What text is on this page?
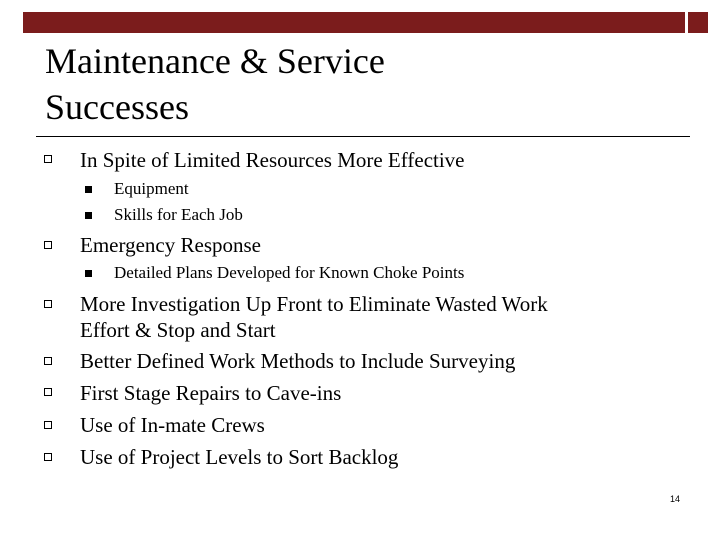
Maintenance & Service
Successes
In Spite of Limited Resources More Effective
Equipment
Skills for Each Job
Emergency Response
Detailed Plans Developed for Known Choke Points
More Investigation Up Front to Eliminate Wasted Work
Effort & Stop and Start
Better Defined Work Methods to Include Surveying
First Stage Repairs to Cave-ins
Use of In-mate Crews
Use of Project Levels to Sort Backlog
14
